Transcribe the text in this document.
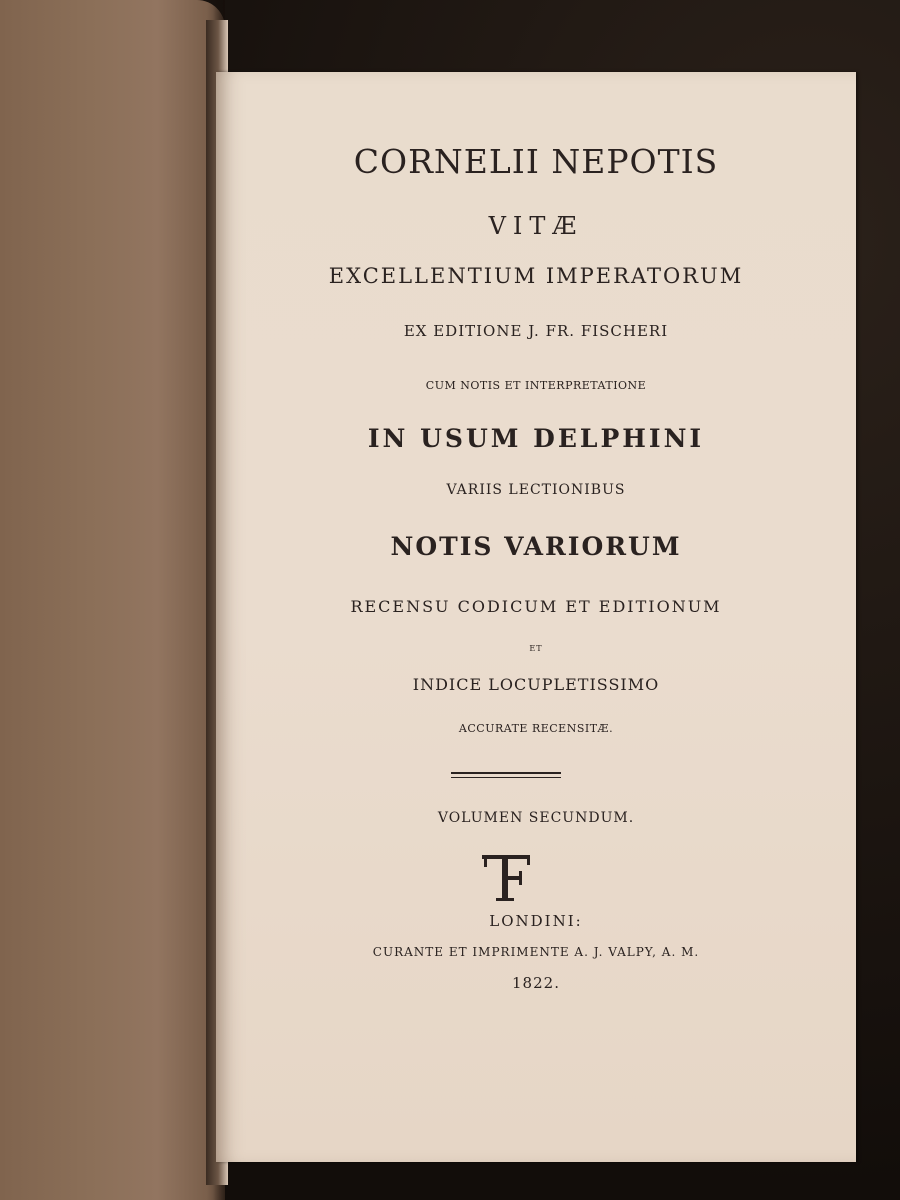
CORNELII NEPOTIS
VITÆ
EXCELLENTIUM IMPERATORUM
EX EDITIONE J. FR. FISCHERI
CUM NOTIS ET INTERPRETATIONE
IN USUM DELPHINI
VARIIS LECTIONIBUS
NOTIS VARIORUM
RECENSU CODICUM ET EDITIONUM
ET
INDICE LOCUPLETISSIMO
ACCURATE RECENSITÆ.
VOLUMEN SECUNDUM.
LONDINI:
CURANTE ET IMPRIMENTE A. J. VALPY, A. M.
1822.
